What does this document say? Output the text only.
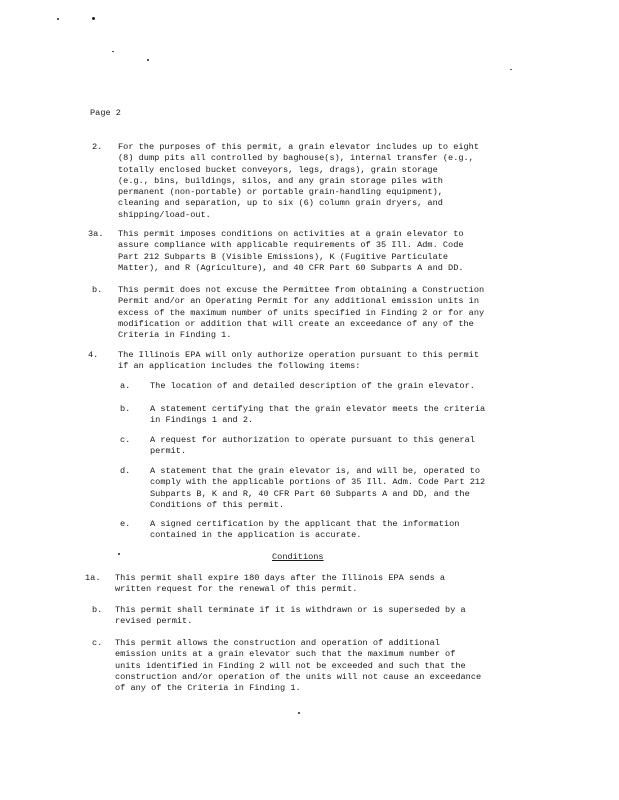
Page 2
2. For the purposes of this permit, a grain elevator includes up to eight
(8) dump pits all controlled by baghouse(s), internal transfer (e.g.,
totally enclosed bucket conveyors, legs, drags), grain storage
(e.g., bins, buildings, silos, and any grain storage piles with
permanent (non-portable) or portable grain-handling equipment),
cleaning and separation, up to six (6) column grain dryers, and
shipping/load-out.
3a. This permit imposes conditions on activities at a grain elevator to
assure compliance with applicable requirements of 35 Ill. Adm. Code
Part 212 Subparts B (Visible Emissions), K (Fugitive Particulate
Matter), and R (Agriculture), and 40 CFR Part 60 Subparts A and DD.
b. This permit does not excuse the Permittee from obtaining a Construction
Permit and/or an Operating Permit for any additional emission units in
excess of the maximum number of units specified in Finding 2 or for any
modification or addition that will create an exceedance of any of the
Criteria in Finding 1.
4. The Illinois EPA will only authorize operation pursuant to this permit
if an application includes the following items:
a. The location of and detailed description of the grain elevator.
b. A statement certifying that the grain elevator meets the criteria
in Findings 1 and 2.
c. A request for authorization to operate pursuant to this general
permit.
d. A statement that the grain elevator is, and will be, operated to
comply with the applicable portions of 35 Ill. Adm. Code Part 212
Subparts B, K and R, 40 CFR Part 60 Subparts A and DD, and the
Conditions of this permit.
e. A signed certification by the applicant that the information
contained in the application is accurate.
Conditions
1a. This permit shall expire 180 days after the Illinois EPA sends a
written request for the renewal of this permit.
b. This permit shall terminate if it is withdrawn or is superseded by a
revised permit.
c. This permit allows the construction and operation of additional
emission units at a grain elevator such that the maximum number of
units identified in Finding 2 will not be exceeded and such that the
construction and/or operation of the units will not cause an exceedance
of any of the Criteria in Finding 1.
